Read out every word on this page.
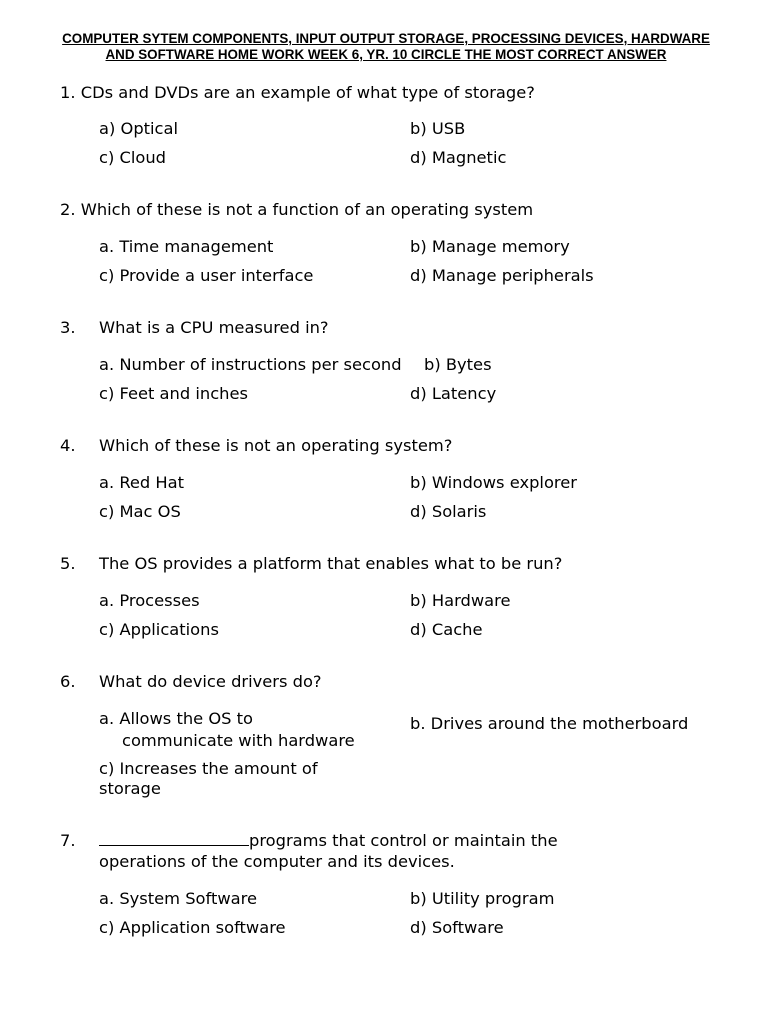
COMPUTER SYTEM COMPONENTS, INPUT OUTPUT STORAGE, PROCESSING DEVICES, HARDWARE AND SOFTWARE HOME WORK WEEK 6, YR. 10 CIRCLE THE MOST CORRECT ANSWER
1. CDs and DVDs are an example of what type of storage?
a) Optical	b) USB
c) Cloud	d) Magnetic
2. Which of these is not a function of an operating system
a. Time management	b) Manage memory
c) Provide a user interface	d) Manage peripherals
3. What is a CPU measured in?
a. Number of instructions per second b) Bytes
c) Feet and inches	d) Latency
4. Which of these is not an operating system?
a. Red Hat	b) Windows explorer
c) Mac OS	d) Solaris
5. The OS provides a platform that enables what to be run?
a. Processes	b) Hardware
c) Applications	d) Cache
6. What do device drivers do?
a. Allows the OS to
communicate with hardware
b. Drives around the motherboard
c) Increases the amount of storage
7.	programs that control or maintain the
operations of the computer and its devices.
a. System Software	b) Utility program
c) Application software	d) Software
